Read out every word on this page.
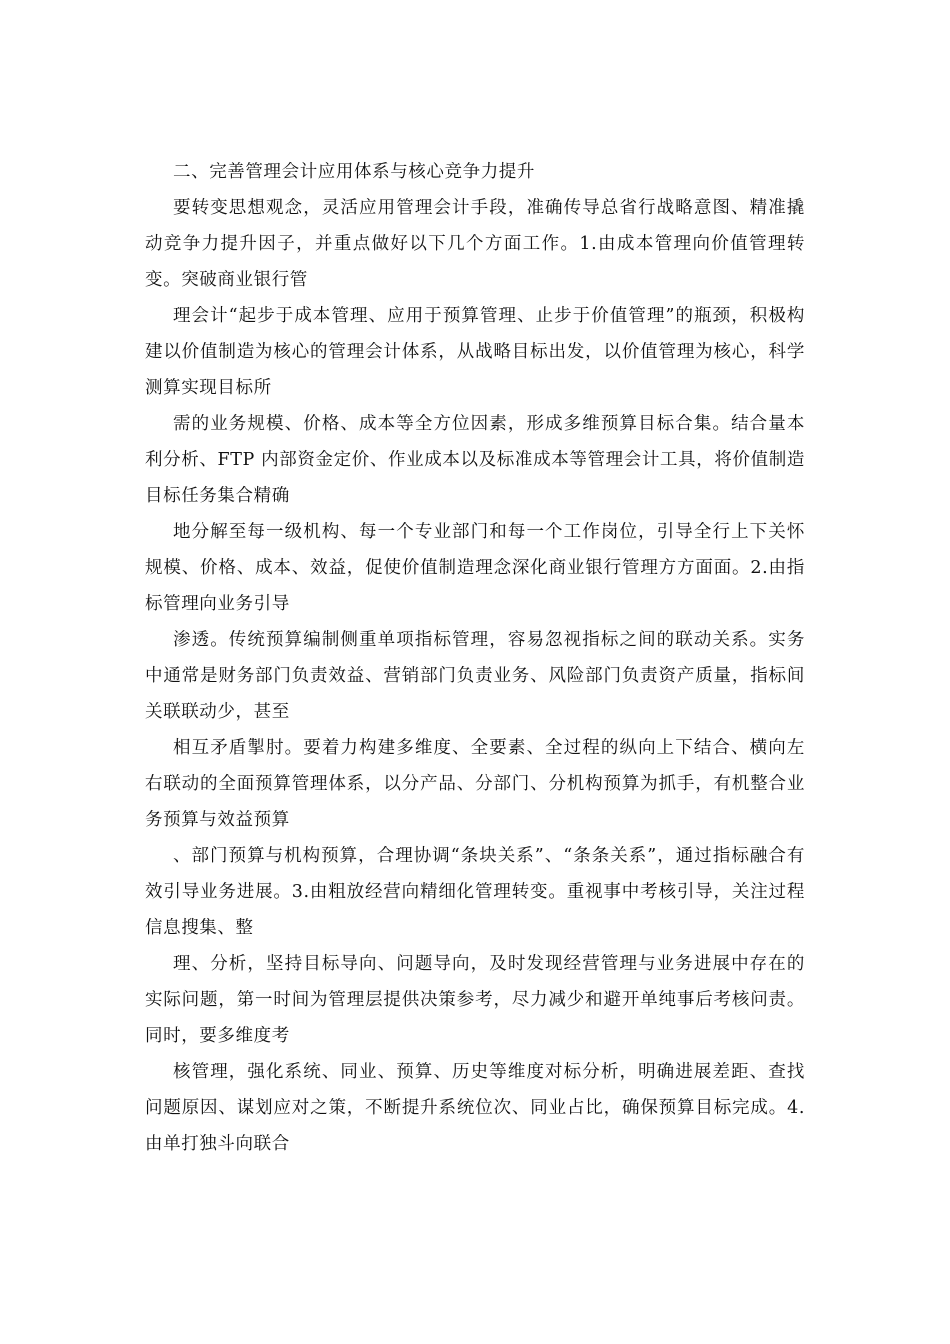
二、完善管理会计应用体系与核心竞争力提升

要转变思想观念，灵活应用管理会计手段，准确传导总省行战略意图、精准撬动竞争力提升因子，并重点做好以下几个方面工作。1.由成本管理向价值管理转变。突破商业银行管

理会计“起步于成本管理、应用于预算管理、止步于价值管理”的瓶颈，积极构建以价值制造为核心的管理会计体系，从战略目标出发，以价值管理为核心，科学测算实现目标所

需的业务规模、价格、成本等全方位因素，形成多维预算目标合集。结合量本利分析、FTP 内部资金定价、作业成本以及标准成本等管理会计工具，将价值制造目标任务集合精确

地分解至每一级机构、每一个专业部门和每一个工作岗位，引导全行上下关怀规模、价格、成本、效益，促使价值制造理念深化商业银行管理方方面面。2.由指标管理向业务引导

渗透。传统预算编制侧重单项指标管理，容易忽视指标之间的联动关系。实务中通常是财务部门负责效益、营销部门负责业务、风险部门负责资产质量，指标间关联联动少，甚至

相互矛盾掣肘。要着力构建多维度、全要素、全过程的纵向上下结合、横向左右联动的全面预算管理体系，以分产品、分部门、分机构预算为抓手，有机整合业务预算与效益预算

、部门预算与机构预算，合理协调“条块关系”、“条条关系”，通过指标融合有效引导业务进展。3.由粗放经营向精细化管理转变。重视事中考核引导，关注过程信息搜集、整

理、分析，坚持目标导向、问题导向，及时发现经营管理与业务进展中存在的实际问题，第一时间为管理层提供决策参考，尽力减少和避开单纯事后考核问责。同时，要多维度考

核管理，强化系统、同业、预算、历史等维度对标分析，明确进展差距、查找问题原因、谋划应对之策，不断提升系统位次、同业占比，确保预算目标完成。4.由单打独斗向联合
